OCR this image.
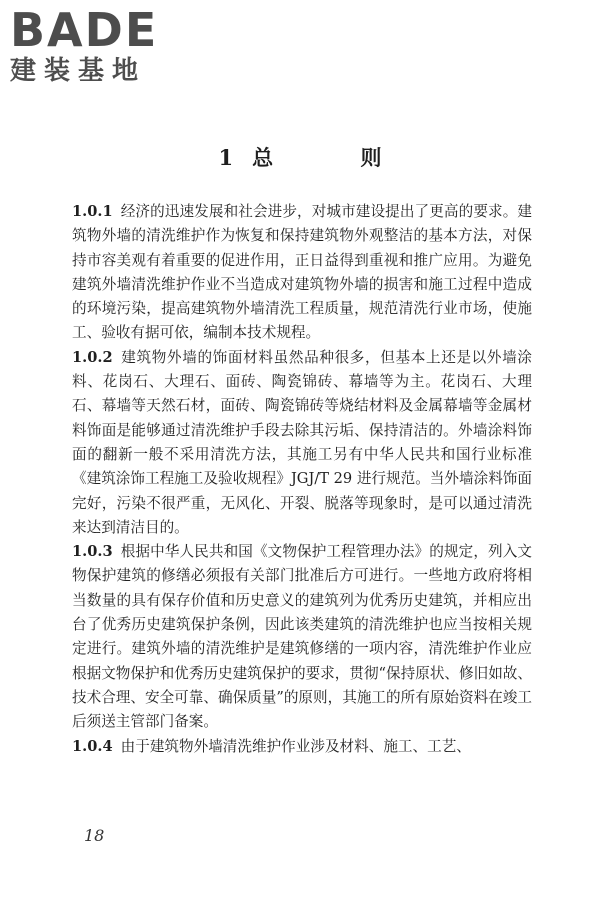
BADE
建装基地
1 总 则

1.0.1 经济的迅速发展和社会进步，对城市建设提出了更高的要求。建筑物外墙的清洗维护作为恢复和保持建筑物外观整洁的基本方法，对保持市容美观有着重要的促进作用，正日益得到重视和推广应用。为避免建筑外墙清洗维护作业不当造成对建筑物外墙的损害和施工过程中造成的环境污染，提高建筑物外墙清洗工程质量，规范清洗行业市场，使施工、验收有据可依，编制本技术规程。

1.0.2 建筑物外墙的饰面材料虽然品种很多，但基本上还是以外墙涂料、花岗石、大理石、面砖、陶瓷锦砖、幕墙等为主。花岗石、大理石、幕墙等天然石材，面砖、陶瓷锦砖等烧结材料及金属幕墙等金属材料饰面是能够通过清洗维护手段去除其污垢、保持清洁的。外墙涂料饰面的翻新一般不采用清洗方法，其施工另有中华人民共和国行业标准《建筑涂饰工程施工及验收规程》JGJ/T 29 进行规范。当外墙涂料饰面完好，污染不很严重，无风化、开裂、脱落等现象时，是可以通过清洗来达到清洁目的。

1.0.3 根据中华人民共和国《文物保护工程管理办法》的规定，列入文物保护建筑的修缮必须报有关部门批准后方可进行。一些地方政府将相当数量的具有保存价值和历史意义的建筑列为优秀历史建筑，并相应出台了优秀历史建筑保护条例，因此该类建筑的清洗维护也应当按相关规定进行。建筑外墙的清洗维护是建筑修缮的一项内容，清洗维护作业应根据文物保护和优秀历史建筑保护的要求，贯彻“保持原状、修旧如故、技术合理、安全可靠、确保质量”的原则，其施工的所有原始资料在竣工后须送主管部门备案。

1.0.4 由于建筑物外墙清洗维护作业涉及材料、施工、工艺、

18
